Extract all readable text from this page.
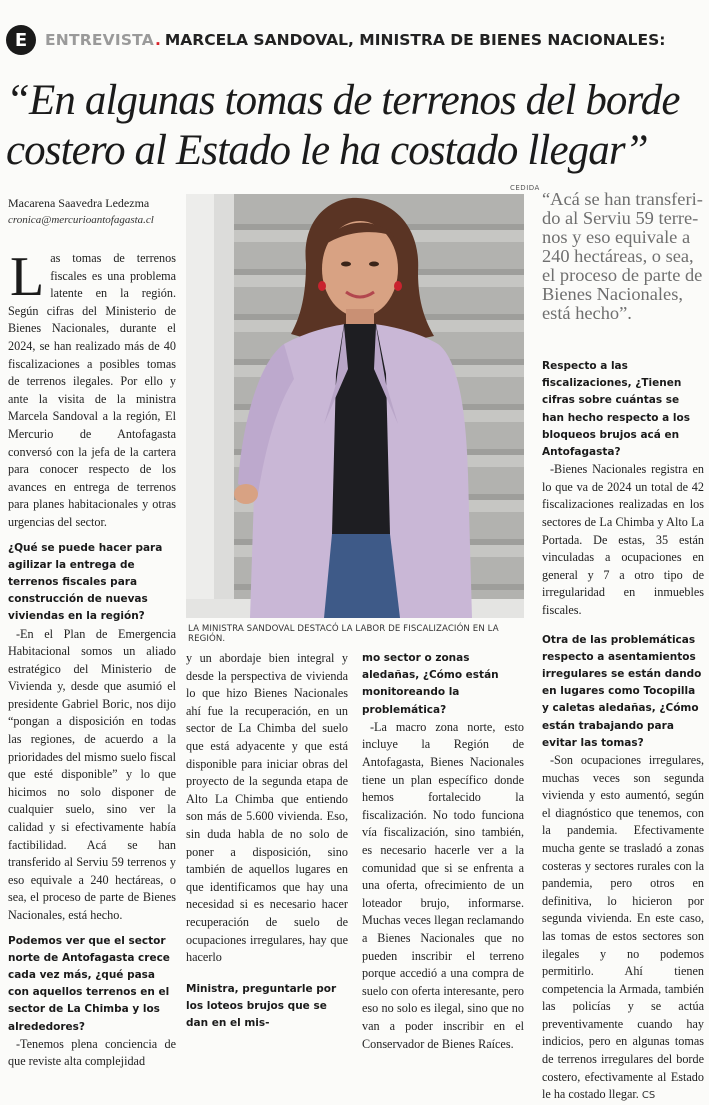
E	ENTREVISTA . MARCELA SANDOVAL, MINISTRA DE BIENES NACIONALES:
“En algunas tomas de terrenos del borde
costero al Estado le ha costado llegar”
CEDIDA
Macarena Saavedra Ledezma
cronica@mercurioantofagasta.cl
LA MINISTRA SANDOVAL DESTACÓ LA LABOR DE FISCALIZACIÓN EN LA REGIÓN.
“Acá se han transferi-do al Serviu 59 terre-nos y eso equivale a 240 hectáreas, o sea, el proceso de parte de Bienes Nacionales, está hecho”.

Las tomas de terrenos fiscales es una problema latente en la región. Según cifras del Ministerio de Bienes Nacionales, durante el 2024, se han realizado más de 40 fiscalizaciones a posibles tomas de terrenos ilegales. Por ello y ante la visita de la ministra Marcela Sandoval a la región, El Mercurio de Antofagasta conversó con la jefa de la cartera para conocer respecto de los avances en entrega de terrenos para planes habitacionales y otras urgencias del sector.

¿Qué se puede hacer para agilizar la entrega de terrenos fiscales para construcción de nuevas viviendas en la región?

-En el Plan de Emergencia Habitacional somos un aliado estratégico del Ministerio de Vivienda y, desde que asumió el presidente Gabriel Boric, nos dijo “pongan a disposición en todas las regiones, de acuerdo a la prioridades del mismo suelo fiscal que esté disponible” y lo que hicimos no solo disponer de cualquier suelo, sino ver la calidad y si efectivamente había factibilidad. Acá se han transferido al Serviu 59 terrenos y eso equivale a 240 hectáreas, o sea, el proceso de parte de Bienes Nacionales, está hecho.

Podemos ver que el sector norte de Antofagasta crece cada vez más, ¿qué pasa con aquellos terrenos en el sector de La Chimba y los alrededores?

-Tenemos plena conciencia de que reviste alta complejidad

y un abordaje bien integral y desde la perspectiva de vivienda lo que hizo Bienes Nacionales ahí fue la recuperación, en un sector de La Chimba del suelo que está adyacente y que está disponible para iniciar obras del proyecto de la segunda etapa de Alto La Chimba que entiendo son más de 5.600 vivienda. Eso, sin duda habla de no solo de poner a disposición, sino también de aquellos lugares en que identificamos que hay una necesidad si es necesario hacer recuperación de suelo de ocupaciones irregulares, hay que hacerlo

Ministra, preguntarle por los loteos brujos que se dan en el mis-

mo sector o zonas aledañas, ¿Cómo están monitoreando la problemática?

-La macro zona norte, esto incluye la Región de Antofagasta, Bienes Nacionales tiene un plan específico donde hemos fortalecido la fiscalización. No todo funciona vía fiscalización, sino también, es necesario hacerle ver a la comunidad que si se enfrenta a una oferta, ofrecimiento de un loteador brujo, informarse. Muchas veces llegan reclamando a Bienes Nacionales que no pueden inscribir el terreno porque accedió a una compra de suelo con oferta interesante, pero eso no solo es ilegal, sino que no van a poder inscribir en el Conservador de Bienes Raíces.

Respecto a las fiscalizaciones, ¿Tienen cifras sobre cuántas se han hecho respecto a los bloqueos brujos acá en Antofagasta?

-Bienes Nacionales registra en lo que va de 2024 un total de 42 fiscalizaciones realizadas en los sectores de La Chimba y Alto La Portada. De estas, 35 están vinculadas a ocupaciones en general y 7 a otro tipo de irregularidad en inmuebles fiscales.

Otra de las problemáticas respecto a asentamientos irregulares se están dando en lugares como Tocopilla y caletas aledañas, ¿Cómo están trabajando para evitar las tomas?

-Son ocupaciones irregulares, muchas veces son segunda vivienda y esto aumentó, según el diagnóstico que tenemos, con la pandemia. Efectivamente mucha gente se trasladó a zonas costeras y sectores rurales con la pandemia, pero otros en definitiva, lo hicieron por segunda vivienda. En este caso, las tomas de estos sectores son ilegales y no podemos permitirlo. Ahí tienen competencia la Armada, también las policías y se actúa preventivamente cuando hay indicios, pero en algunas tomas de terrenos irregulares del borde costero, efectivamente al Estado le ha costado llegar. CS
